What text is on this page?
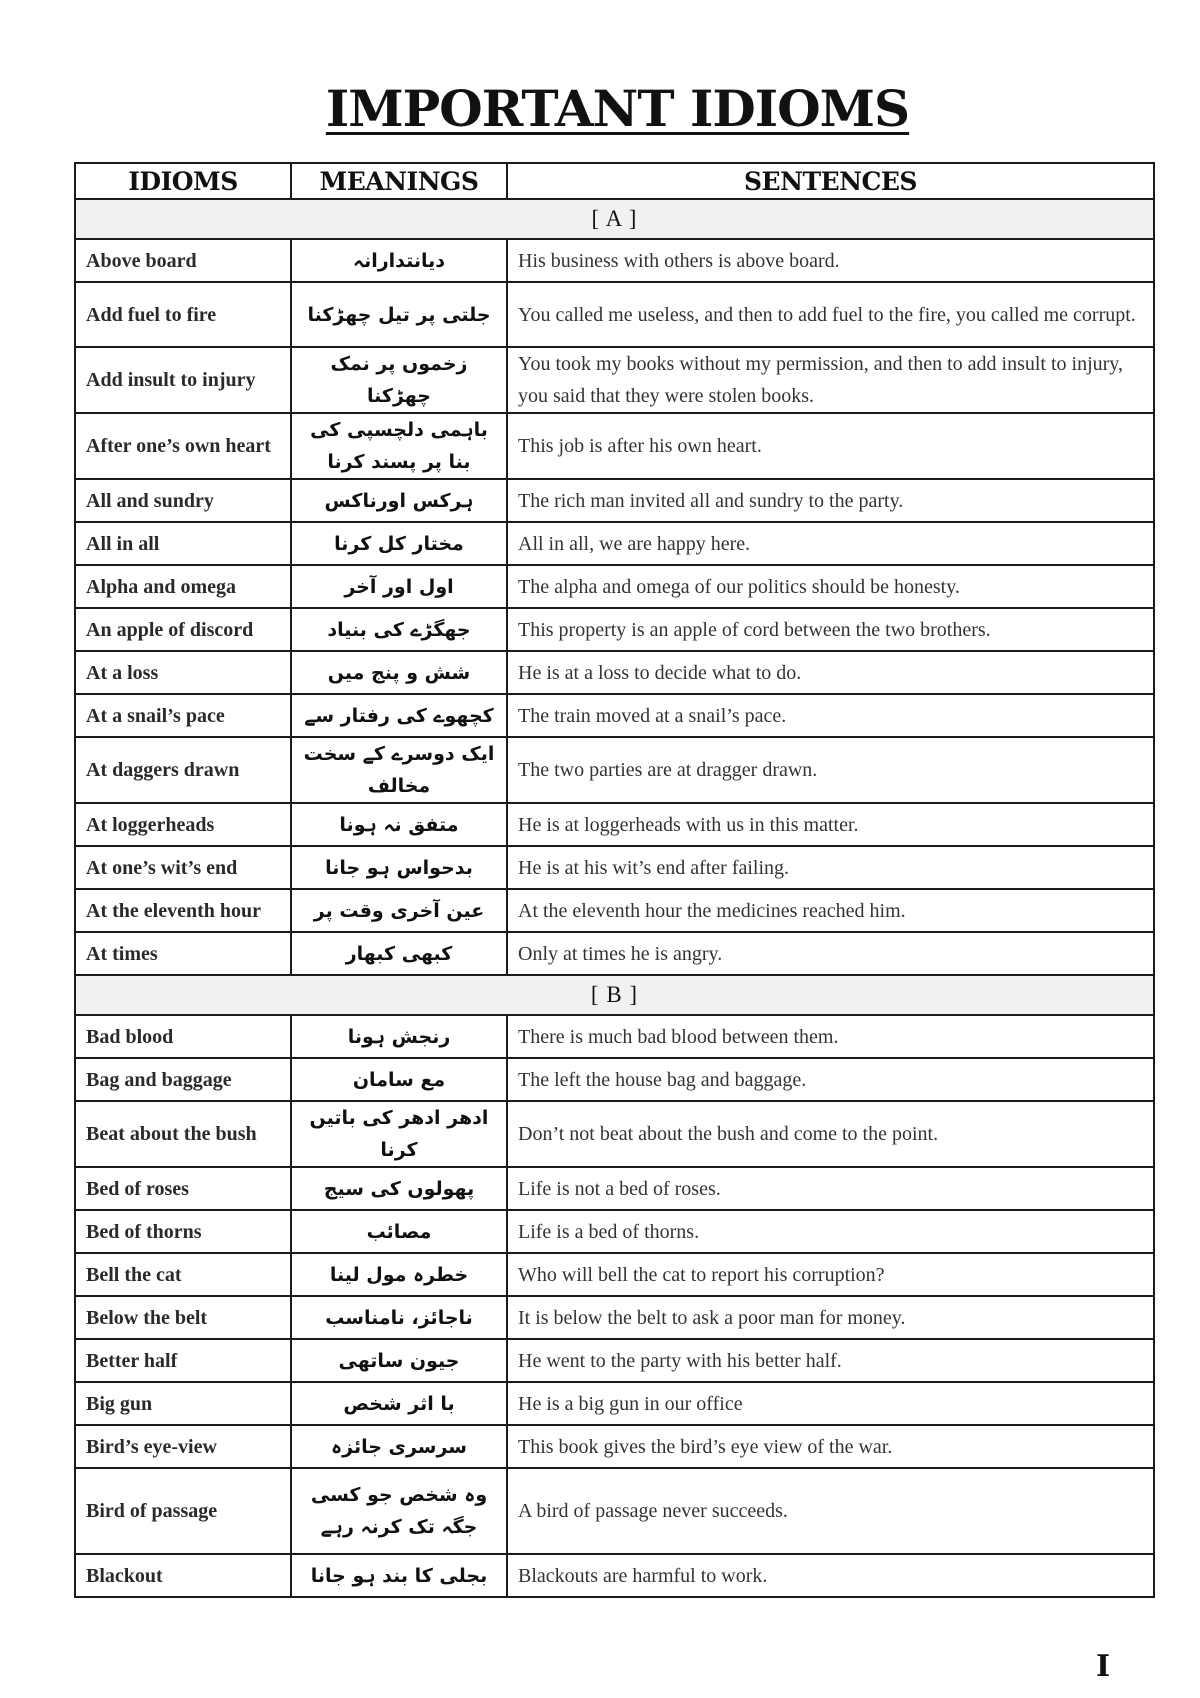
IMPORTANT IDIOMS
IDIOMS	MEANINGS	SENTENCES
[ A ]		
Above board	دیانتدارانہ	His business with others is above board.
Add fuel to fire	جلتی پر تیل چھڑکنا	You called me useless, and then to add fuel to the fire, you called me corrupt.
Add insult to injury	زخموں پر نمک چھڑکنا	You took my books without my permission, and then to add insult to injury, you said that they were stolen books.
After one’s own heart	باہمی دلچسپی کی بنا پر پسند کرنا	This job is after his own heart.
All and sundry	ہرکس اورناکس	The rich man invited all and sundry to the party.
All in all	مختار کل کرنا	All in all, we are happy here.
Alpha and omega	اول اور آخر	The alpha and omega of our politics should be honesty.
An apple of discord	جھگڑے کی بنیاد	This property is an apple of cord between the two brothers.
At a loss	شش و پنج میں	He is at a loss to decide what to do.
At a snail’s pace	کچھوے کی رفتار سے	The train moved at a snail’s pace.
At daggers drawn	ایک دوسرے کے سخت مخالف	The two parties are at dragger drawn.
At loggerheads	متفق نہ ہونا	He is at loggerheads with us in this matter.
At one’s wit’s end	بدحواس ہو جانا	He is at his wit’s end after failing.
At the eleventh hour	عین آخری وقت پر	At the eleventh hour the medicines reached him.
At times	کبھی کبھار	Only at times he is angry.
[ B ]		
Bad blood	رنجش ہونا	There is much bad blood between them.
Bag and baggage	مع سامان	The left the house bag and baggage.
Beat about the bush	ادھر ادھر کی باتیں کرنا	Don’t not beat about the bush and come to the point.
Bed of roses	پھولوں کی سیج	Life is not a bed of roses.
Bed of thorns	مصائب	Life is a bed of thorns.
Bell the cat	خطرہ مول لینا	Who will bell the cat to report his corruption?
Below the belt	ناجائز، نامناسب	It is below the belt to ask a poor man for money.
Better half	جیون ساتھی	He went to the party with his better half.
Big gun	با اثر شخص	He is a big gun in our office
Bird’s eye-view	سرسری جائزہ	This book gives the bird’s eye view of the war.
Bird of passage	وہ شخص جو کسی جگہ تک کرنہ رہے	A bird of passage never succeeds.
Blackout	بجلی کا بند ہو جانا	Blackouts are harmful to work.
I
